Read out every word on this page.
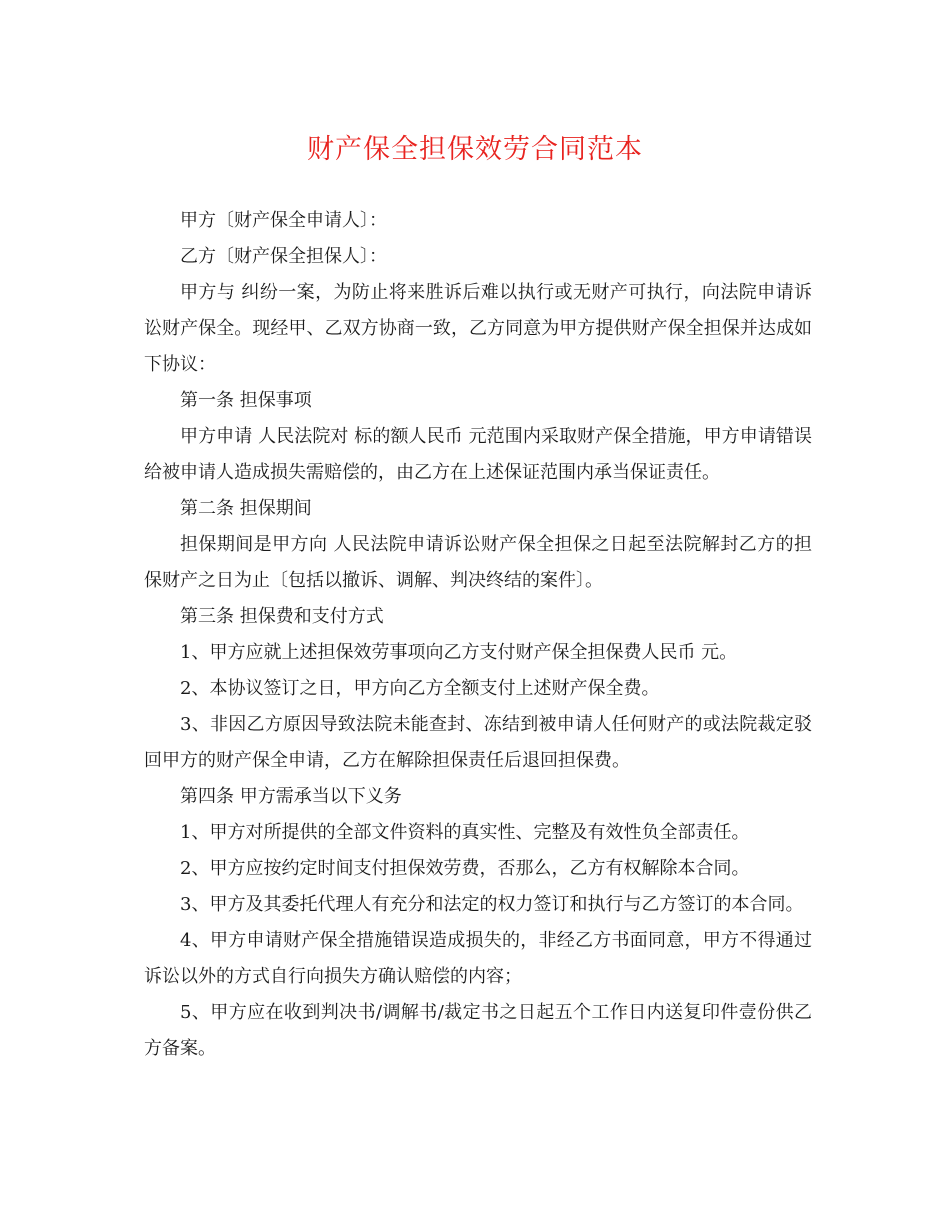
财产保全担保效劳合同范本

甲方〔财产保全申请人〕：

乙方〔财产保全担保人〕：

甲方与 纠纷一案，为防止将来胜诉后难以执行或无财产可执行，向法院申请诉讼财产保全。现经甲、乙双方协商一致，乙方同意为甲方提供财产保全担保并达成如下协议：

第一条 担保事项

甲方申请 人民法院对 标的额人民币 元范围内采取财产保全措施，甲方申请错误给被申请人造成损失需赔偿的，由乙方在上述保证范围内承当保证责任。

第二条 担保期间

担保期间是甲方向 人民法院申请诉讼财产保全担保之日起至法院解封乙方的担保财产之日为止〔包括以撤诉、调解、判决终结的案件〕。

第三条 担保费和支付方式

1、甲方应就上述担保效劳事项向乙方支付财产保全担保费人民币 元。

2、本协议签订之日，甲方向乙方全额支付上述财产保全费。

3、非因乙方原因导致法院未能查封、冻结到被申请人任何财产的或法院裁定驳回甲方的财产保全申请，乙方在解除担保责任后退回担保费。

第四条 甲方需承当以下义务

1、甲方对所提供的全部文件资料的真实性、完整及有效性负全部责任。

2、甲方应按约定时间支付担保效劳费，否那么，乙方有权解除本合同。

3、甲方及其委托代理人有充分和法定的权力签订和执行与乙方签订的本合同。

4、甲方申请财产保全措施错误造成损失的，非经乙方书面同意，甲方不得通过诉讼以外的方式自行向损失方确认赔偿的内容；

5、甲方应在收到判决书/调解书/裁定书之日起五个工作日内送复印件壹份供乙方备案。
